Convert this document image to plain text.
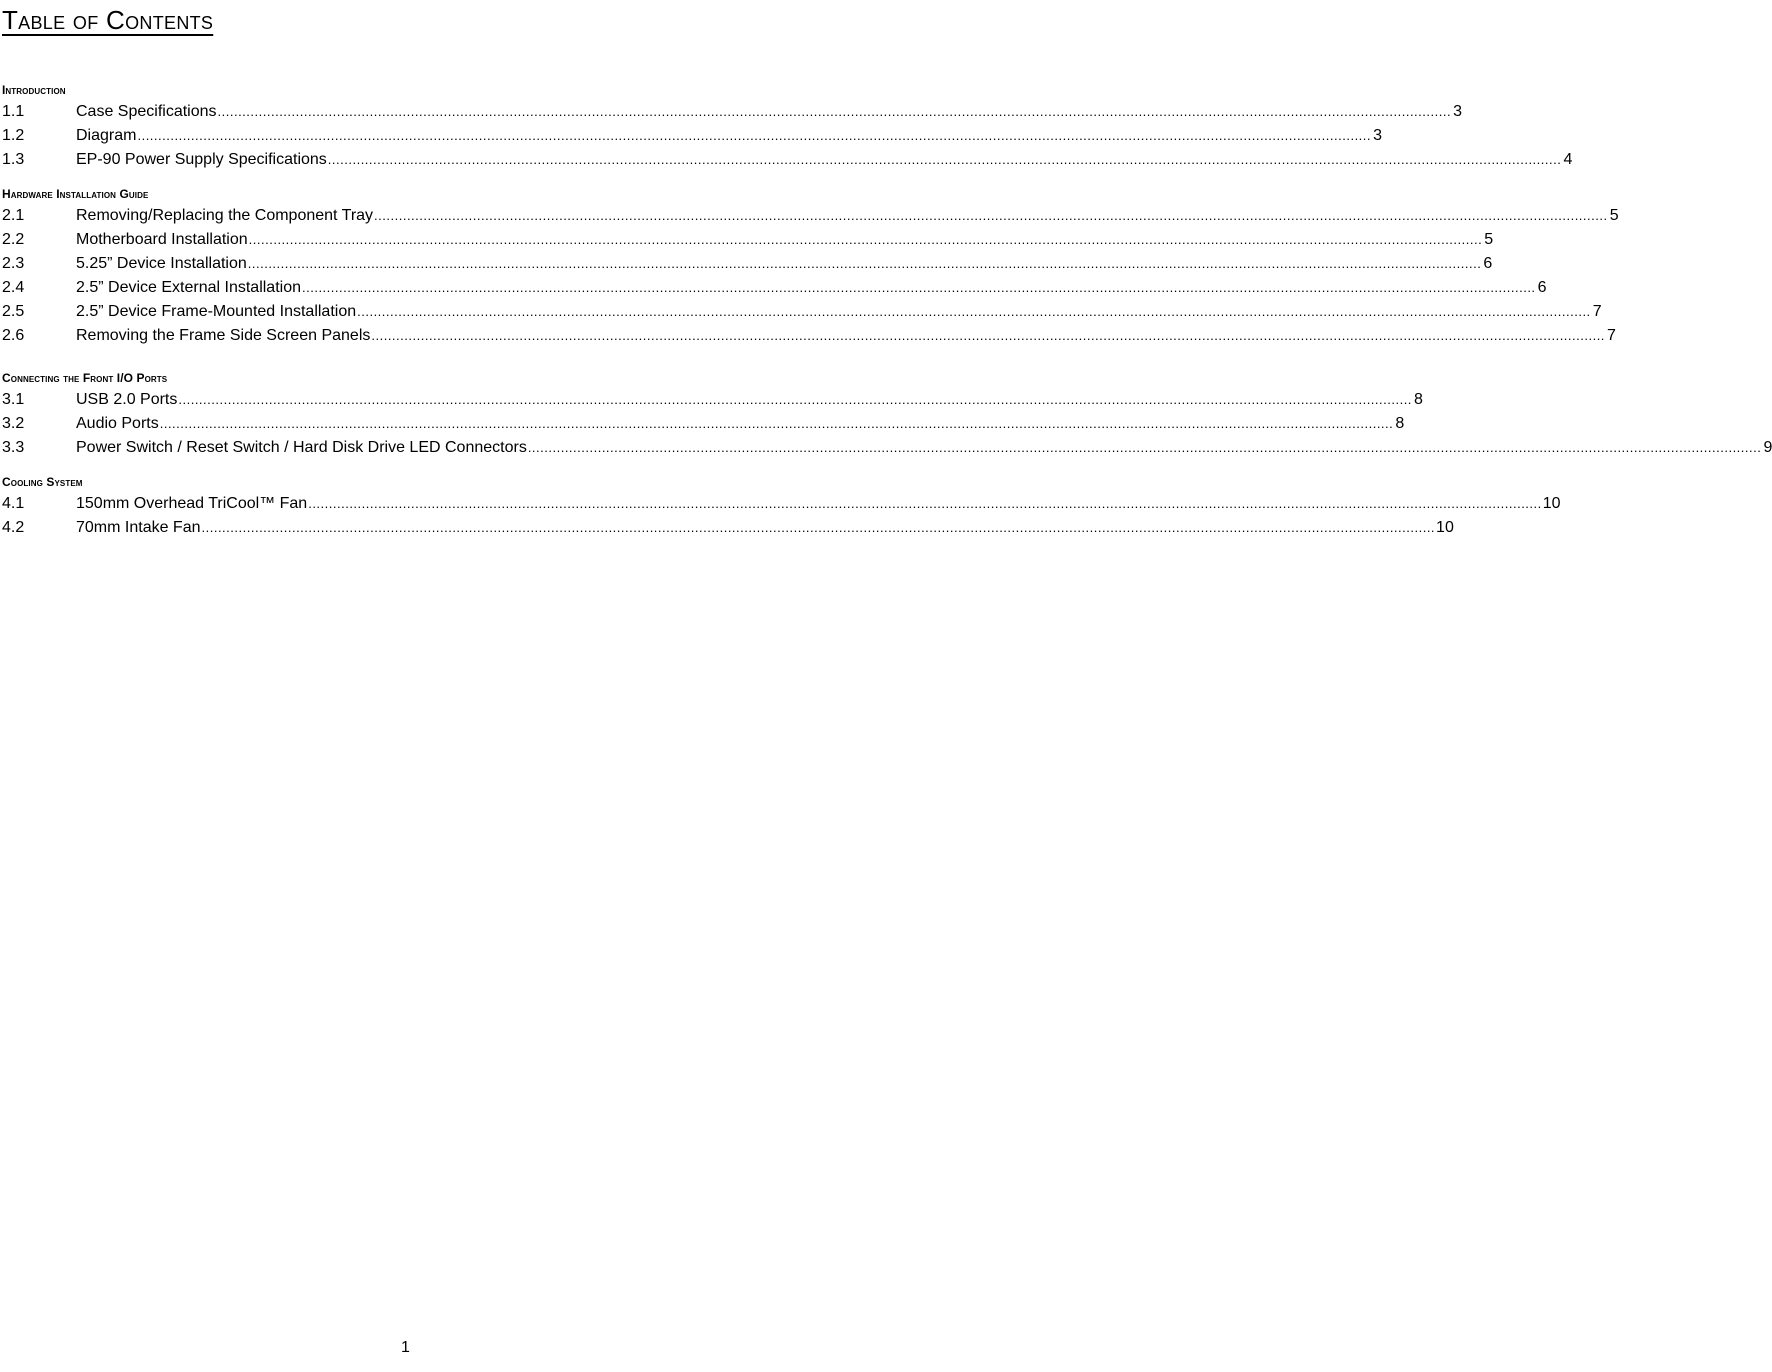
Table of Contents
Introduction
1.1	Case Specifications ............................................................................................................................................................................................................................................................................................................ 3
1.2	Diagram ............................................................................................................................................................................................................................................................................................................ 3
1.3	EP-90 Power Supply Specifications ............................................................................................................................................................................................................................................................................................................ 4
Hardware Installation Guide
2.1	Removing/Replacing the Component Tray ............................................................................................................................................................................................................................................................................................................ 5
2.2	Motherboard Installation ............................................................................................................................................................................................................................................................................................................ 5
2.3	5.25” Device Installation ............................................................................................................................................................................................................................................................................................................ 6
2.4	2.5” Device External Installation ............................................................................................................................................................................................................................................................................................................ 6
2.5	2.5” Device Frame-Mounted Installation ............................................................................................................................................................................................................................................................................................................ 7
2.6	Removing the Frame Side Screen Panels ............................................................................................................................................................................................................................................................................................................ 7
Connecting the Front I/O Ports
3.1	USB 2.0 Ports ............................................................................................................................................................................................................................................................................................................ 8
3.2	Audio Ports ............................................................................................................................................................................................................................................................................................................ 8
3.3	Power Switch / Reset Switch / Hard Disk Drive LED Connectors ............................................................................................................................................................................................................................................................................................................ 9
Cooling System
4.1	150mm Overhead TriCool™ Fan ............................................................................................................................................................................................................................................................................................................ 10
4.2	70mm Intake Fan ............................................................................................................................................................................................................................................................................................................ 10
1
